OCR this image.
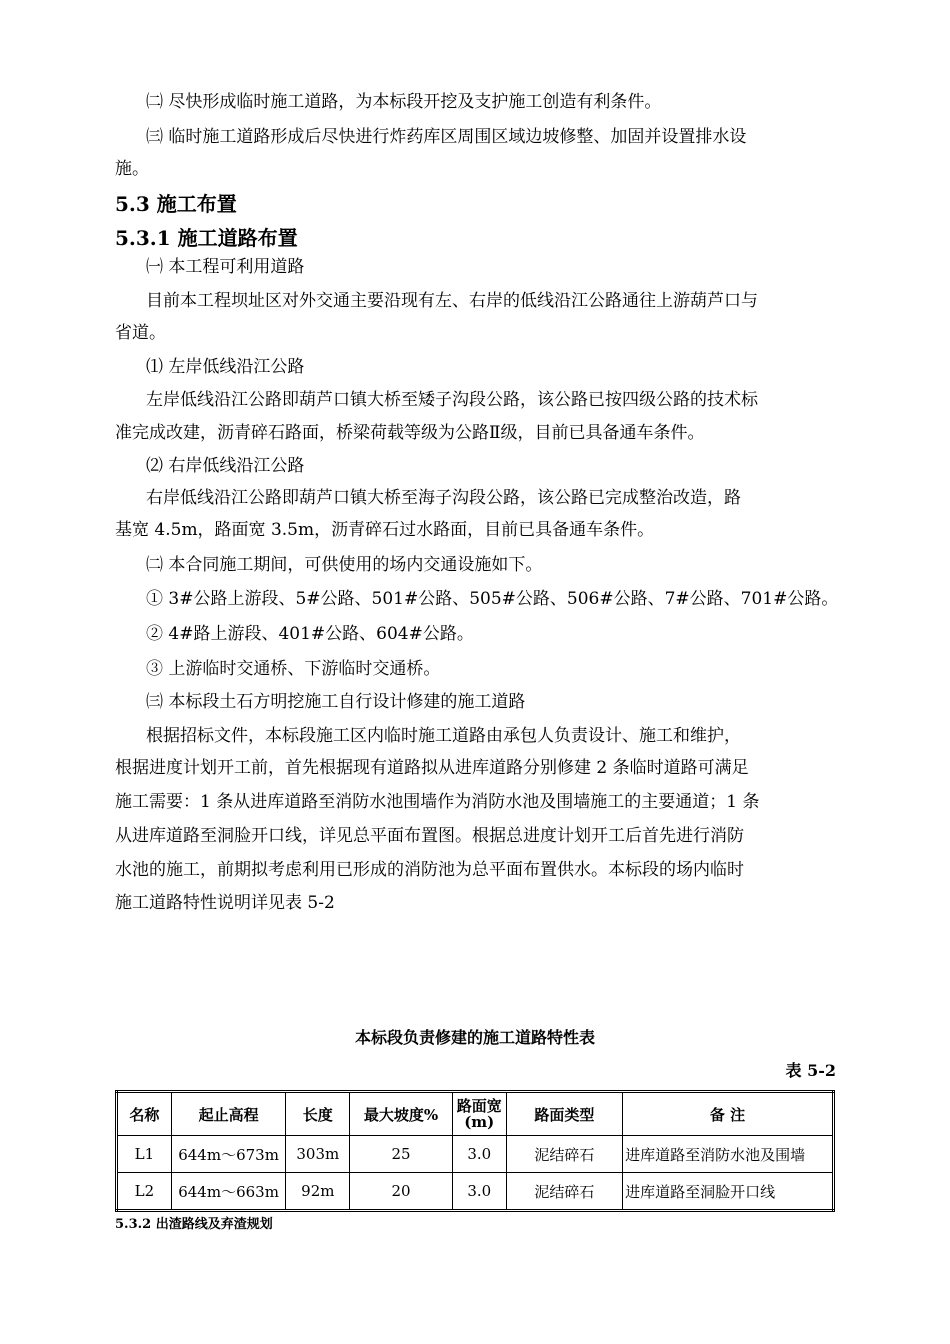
㈡ 尽快形成临时施工道路，为本标段开挖及支护施工创造有利条件。
㈢ 临时施工道路形成后尽快进行炸药库区周围区域边坡修整、加固并设置排水设
施。
5.3 施工布置
5.3.1 施工道路布置
㈠ 本工程可利用道路
目前本工程坝址区对外交通主要沿现有左、右岸的低线沿江公路通往上游葫芦口与
省道。
⑴ 左岸低线沿江公路
左岸低线沿江公路即葫芦口镇大桥至矮子沟段公路，该公路已按四级公路的技术标
准完成改建，沥青碎石路面，桥梁荷载等级为公路Ⅱ级，目前已具备通车条件。
⑵ 右岸低线沿江公路
右岸低线沿江公路即葫芦口镇大桥至海子沟段公路，该公路已完成整治改造，路
基宽 4.5m，路面宽 3.5m，沥青碎石过水路面，目前已具备通车条件。
㈡ 本合同施工期间，可供使用的场内交通设施如下。
① 3#公路上游段、5#公路、501#公路、505#公路、506#公路、7#公路、701#公路。
② 4#路上游段、401#公路、604#公路。
③ 上游临时交通桥、下游临时交通桥。
㈢ 本标段土石方明挖施工自行设计修建的施工道路
根据招标文件，本标段施工区内临时施工道路由承包人负责设计、施工和维护，
根据进度计划开工前，首先根据现有道路拟从进库道路分别修建 2 条临时道路可满足
施工需要：1 条从进库道路至消防水池围墙作为消防水池及围墙施工的主要通道；1 条
从进库道路至洞脸开口线，详见总平面布置图。根据总进度计划开工后首先进行消防
水池的施工，前期拟考虑利用已形成的消防池为总平面布置供水。本标段的场内临时
施工道路特性说明详见表 5-2
本标段负责修建的施工道路特性表
表 5-2
名称	起止高程	长度	最大坡度%	路面宽(m)	路面类型	备 注
L1	644m～673m	303m	25	3.0	泥结碎石	进库道路至消防水池及围墙
L2	644m～663m	92m	20	3.0	泥结碎石	进库道路至洞脸开口线
5.3.2 出渣路线及弃渣规划
